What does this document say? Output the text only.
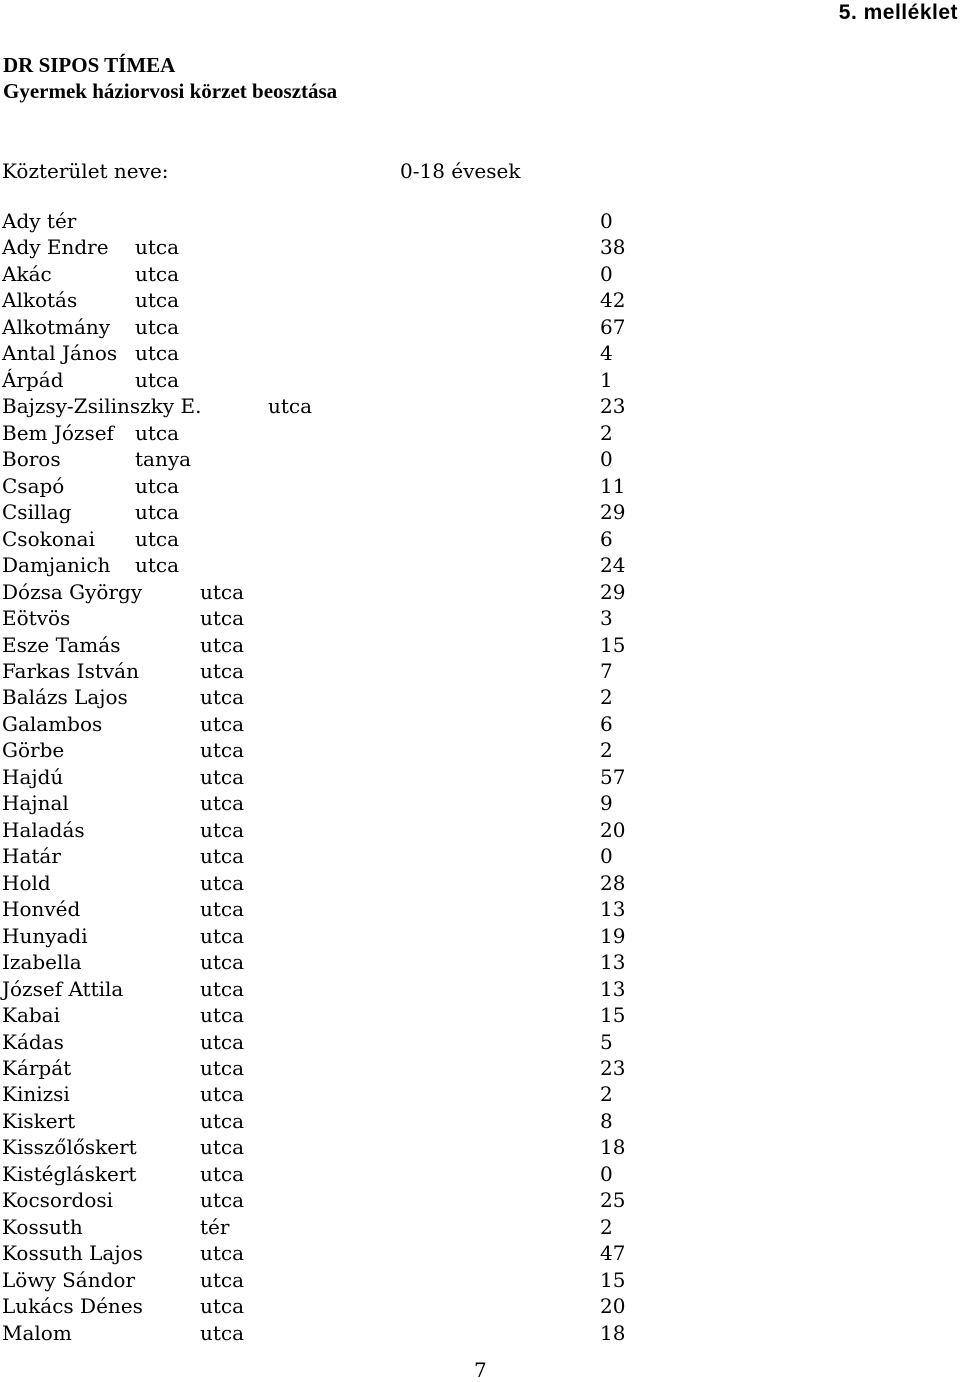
5. melléklet
DR SIPOS TÍMEA
Gyermek háziorvosi körzet beosztása
Közterület neve:	0-18 évesek
Ady tér	0
Ady Endre utca	38
Akác	utca	0
Alkotás	utca	42
Alkotmány utca	67
Antal János utca	4
Árpád	utca	1
Bajzsy-Zsilinszky E.	utca	23
Bem József utca	2
Boros	tanya	0
Csapó	utca	11
Csillag	utca	29
Csokonai utca	6
Damjanich utca	24
Dózsa György	utca	29
Eötvös	utca	3
Esze Tamás	utca	15
Farkas István	utca	7
Balázs Lajos	utca	2
Galambos	utca	6
Görbe	utca	2
Hajdú	utca	57
Hajnal	utca	9
Haladás	utca	20
Határ	utca	0
Hold	utca	28
Honvéd	utca	13
Hunyadi	utca	19
Izabella	utca	13
József Attila	utca	13
Kabai	utca	15
Kádas	utca	5
Kárpát	utca	23
Kinizsi	utca	2
Kiskert	utca	8
Kisszőlőskert	utca	18
Kistégláskert	utca	0
Kocsordosi	utca	25
Kossuth	tér	2
Kossuth Lajos	utca	47
Löwy Sándor	utca	15
Lukács Dénes	utca	20
Malom	utca	18
7
